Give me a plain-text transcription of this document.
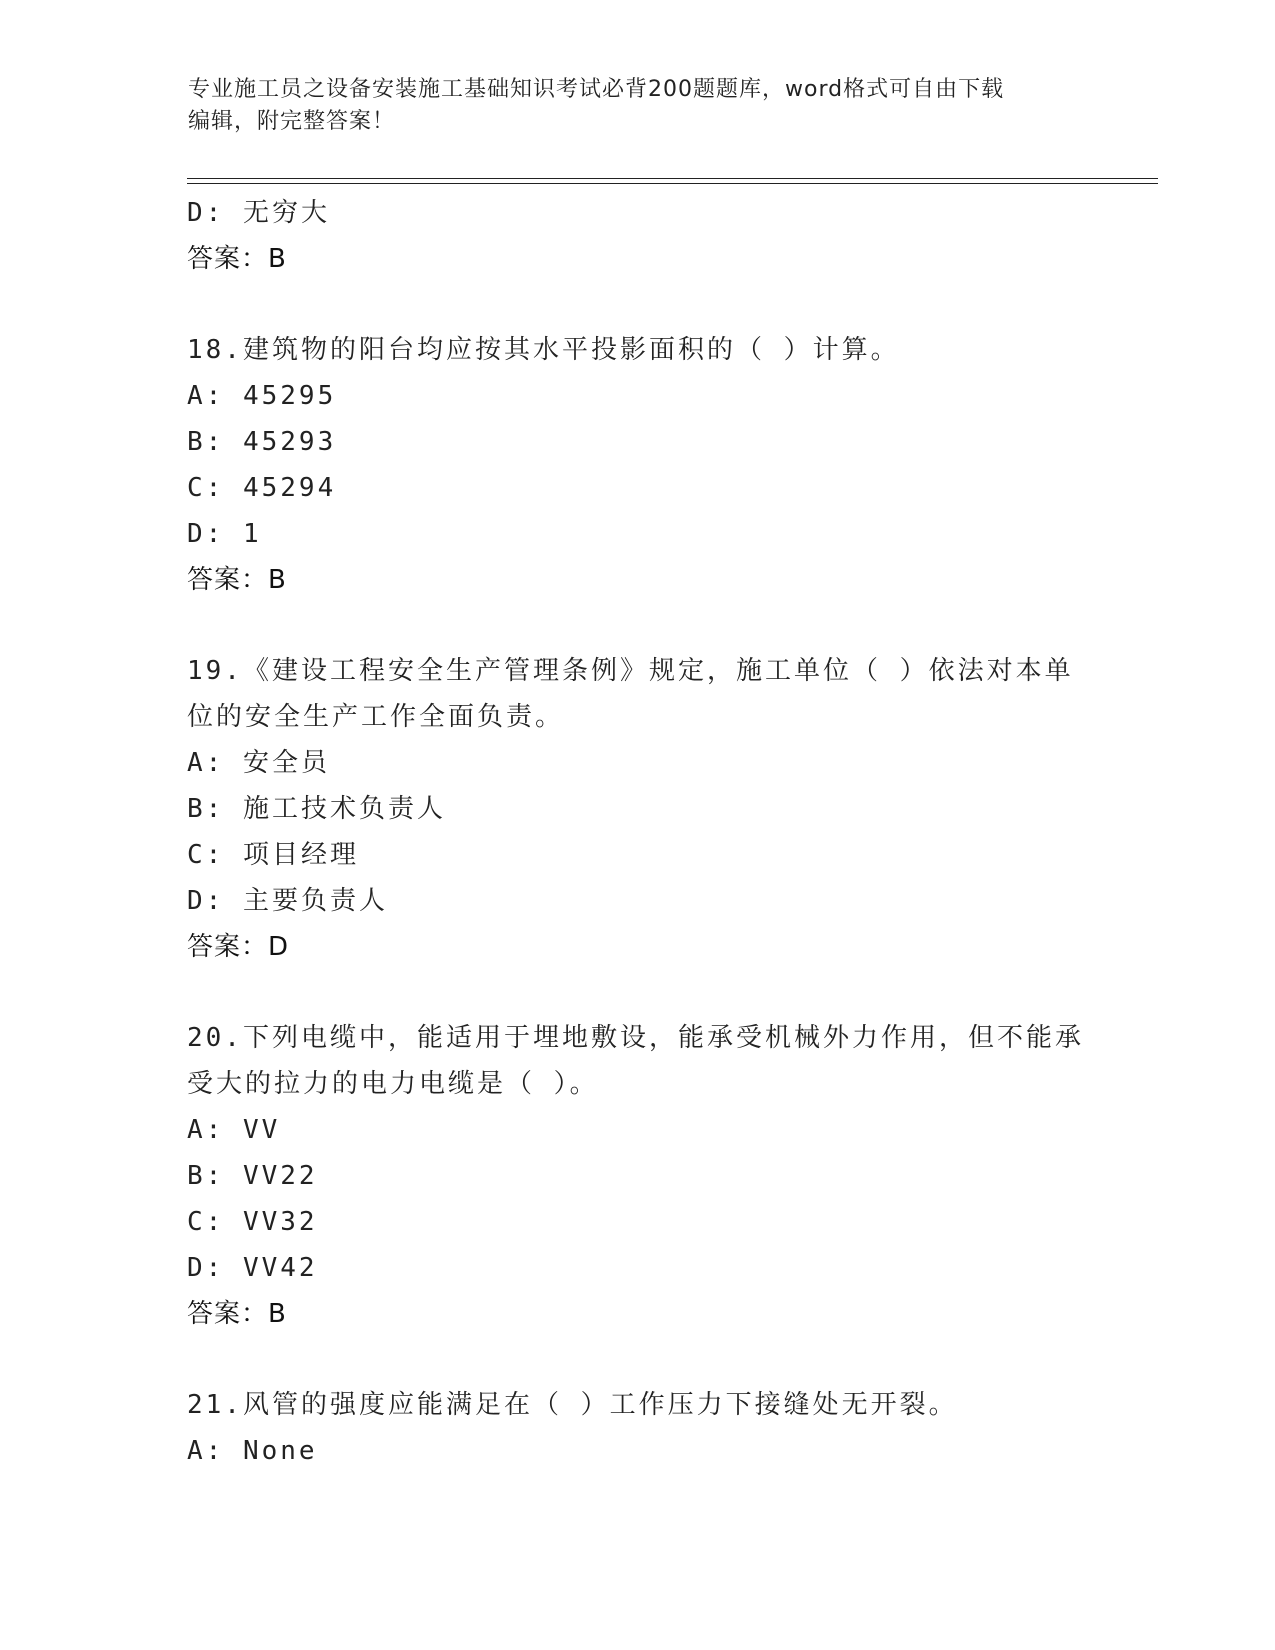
专业施工员之设备安装施工基础知识考试必背200题题库，word格式可自由下载
编辑，附完整答案！
D: 无穷大
答案：B
18.建筑物的阳台均应按其水平投影面积的（ ）计算。
A: 45295
B: 45293
C: 45294
D: 1
答案：B
19.《建设工程安全生产管理条例》规定，施工单位（ ）依法对本单
位的安全生产工作全面负责。
A: 安全员
B: 施工技术负责人
C: 项目经理
D: 主要负责人
答案：D
20.下列电缆中，能适用于埋地敷设，能承受机械外力作用，但不能承
受大的拉力的电力电缆是（ ）。
A: VV
B: VV22
C: VV32
D: VV42
答案：B
21.风管的强度应能满足在（ ）工作压力下接缝处无开裂。
A: None
